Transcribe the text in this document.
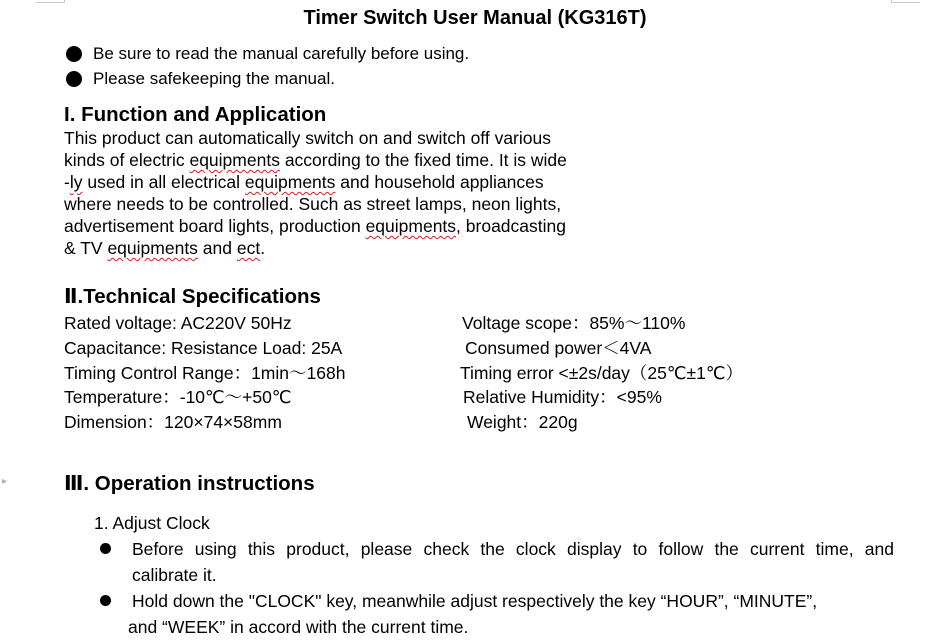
▸
Timer Switch User Manual (KG316T)
Be sure to read the manual carefully before using.
Please safekeeping the manual.
I. Function and Application
This product can automatically switch on and switch off various
kinds of electric equipments according to the fixed time. It is wide
-ly used in all electrical equipments and household appliances
where needs to be controlled. Such as street lamps, neon lights,
advertisement board lights, production equipments, broadcasting
& TV equipments and ect.
Ⅱ.Technical Specifications
Rated voltage: AC220V 50Hz	Voltage scope：85%～110%
Capacitance: Resistance Load: 25A	Consumed power＜4VA
Timing Control Range：1min～168h	Timing error <±2s/day（25℃±1℃）
Temperature：-10℃～+50℃	Relative Humidity：<95%
Dimension：120×74×58mm	Weight：220g
Ⅲ. Operation instructions
1. Adjust Clock
Before using this product, please check the clock display to follow the current time, and
calibrate it.
Hold down the "CLOCK" key, meanwhile adjust respectively the key “HOUR”, “MINUTE”,
and “WEEK” in accord with the current time.
